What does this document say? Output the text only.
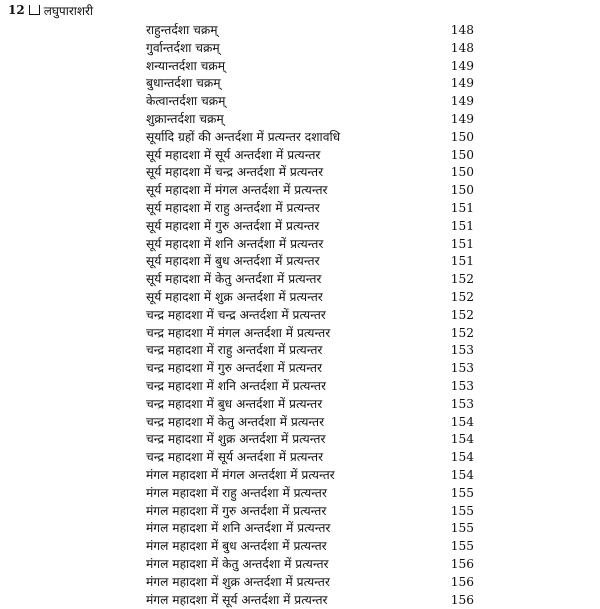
12 लघुपाराशरी
राहुन्तर्दशा चक्रम्	148
गुर्वान्तर्दशा चक्रम्	148
शन्यान्तर्दशा चक्रम्	149
बुधान्तर्दशा चक्रम्	149
केत्वान्तर्दशा चक्रम्	149
शुक्रान्तर्दशा चक्रम्	149
सूर्यादि ग्रहों की अन्तर्दशा में प्रत्यन्तर दशावधि	150
सूर्य महादशा में सूर्य अन्तर्दशा में प्रत्यन्तर	150
सूर्य महादशा में चन्द्र अन्तर्दशा में प्रत्यन्तर	150
सूर्य महादशा में मंगल अन्तर्दशा में प्रत्यन्तर	150
सूर्य महादशा में राहु अन्तर्दशा में प्रत्यन्तर	151
सूर्य महादशा में गुरु अन्तर्दशा में प्रत्यन्तर	151
सूर्य महादशा में शनि अन्तर्दशा में प्रत्यन्तर	151
सूर्य महादशा में बुध अन्तर्दशा में प्रत्यन्तर	151
सूर्य महादशा में केतु अन्तर्दशा में प्रत्यन्तर	152
सूर्य महादशा में शुक्र अन्तर्दशा में प्रत्यन्तर	152
चन्द्र महादशा में चन्द्र अन्तर्दशा में प्रत्यन्तर	152
चन्द्र महादशा में मंगल अन्तर्दशा में प्रत्यन्तर	152
चन्द्र महादशा में राहु अन्तर्दशा में प्रत्यन्तर	153
चन्द्र महादशा में गुरु अन्तर्दशा में प्रत्यन्तर	153
चन्द्र महादशा में शनि अन्तर्दशा में प्रत्यन्तर	153
चन्द्र महादशा में बुध अन्तर्दशा में प्रत्यन्तर	153
चन्द्र महादशा में केतु अन्तर्दशा में प्रत्यन्तर	154
चन्द्र महादशा में शुक्र अन्तर्दशा में प्रत्यन्तर	154
चन्द्र महादशा में सूर्य अन्तर्दशा में प्रत्यन्तर	154
मंगल महादशा में मंगल अन्तर्दशा में प्रत्यन्तर	154
मंगल महादशा में राहु अन्तर्दशा में प्रत्यन्तर	155
मंगल महादशा में गुरु अन्तर्दशा में प्रत्यन्तर	155
मंगल महादशा में शनि अन्तर्दशा में प्रत्यन्तर	155
मंगल महादशा में बुध अन्तर्दशा में प्रत्यन्तर	155
मंगल महादशा में केतु अन्तर्दशा में प्रत्यन्तर	156
मंगल महादशा में शुक्र अन्तर्दशा में प्रत्यन्तर	156
मंगल महादशा में सूर्य अन्तर्दशा में प्रत्यन्तर	156
